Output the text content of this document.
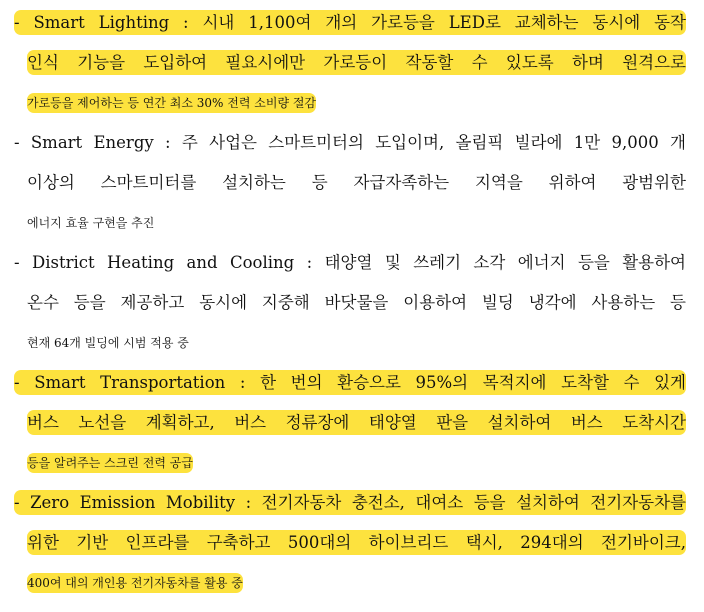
- Smart Lighting : 시내 1,100여 개의 가로등을 LED로 교체하는 동시에 동작
인식 기능을 도입하여 필요시에만 가로등이 작동할 수 있도록 하며 원격으로
가로등을 제어하는 등 연간 최소 30% 전력 소비량 절감
- Smart Energy : 주 사업은 스마트미터의 도입이며, 올림픽 빌라에 1만 9,000 개
이상의 스마트미터를 설치하는 등 자급자족하는 지역을 위하여 광범위한
에너지 효율 구현을 추진
- District Heating and Cooling : 태양열 및 쓰레기 소각 에너지 등을 활용하여
온수 등을 제공하고 동시에 지중해 바닷물을 이용하여 빌딩 냉각에 사용하는 등
현재 64개 빌딩에 시범 적용 중
- Smart Transportation : 한 번의 환승으로 95%의 목적지에 도착할 수 있게
버스 노선을 계획하고, 버스 정류장에 태양열 판을 설치하여 버스 도착시간
등을 알려주는 스크린 전력 공급
- Zero Emission Mobility : 전기자동차 충전소, 대여소 등을 설치하여 전기자동차를
위한 기반 인프라를 구축하고 500대의 하이브리드 택시, 294대의 전기바이크,
400여 대의 개인용 전기자동차를 활용 중
